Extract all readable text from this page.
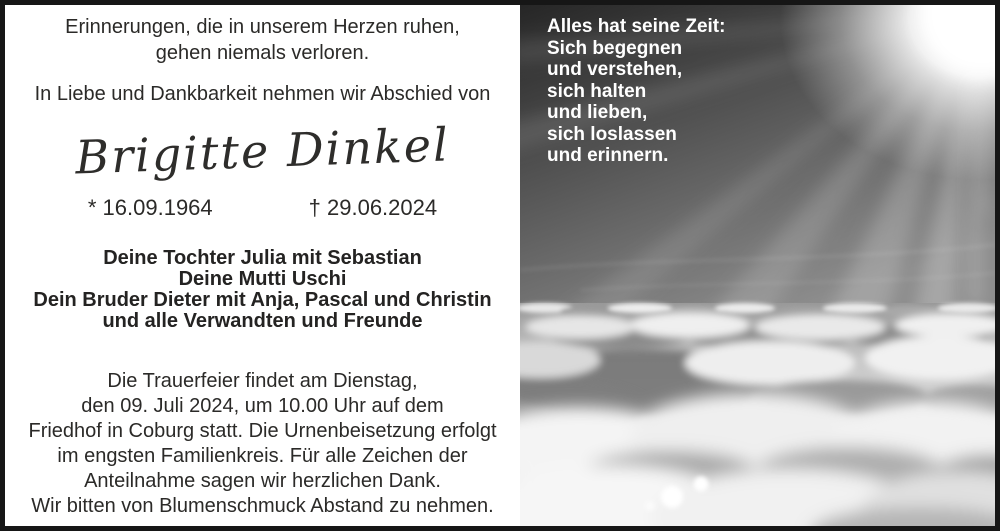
Erinnerungen, die in unserem Herzen ruhen,
gehen niemals verloren.
In Liebe und Dankbarkeit nehmen wir Abschied von
Brigitte Dinkel
* 16.09.1964	† 29.06.2024
Deine Tochter Julia mit Sebastian
Deine Mutti Uschi
Dein Bruder Dieter mit Anja, Pascal und Christin
und alle Verwandten und Freunde
Die Trauerfeier findet am Dienstag,
den 09. Juli 2024, um 10.00 Uhr auf dem
Friedhof in Coburg statt. Die Urnenbeisetzung erfolgt
im engsten Familienkreis. Für alle Zeichen der
Anteilnahme sagen wir herzlichen Dank.
Wir bitten von Blumenschmuck Abstand zu nehmen.
Alles hat seine Zeit:
Sich begegnen
und verstehen,
sich halten
und lieben,
sich loslassen
und erinnern.
